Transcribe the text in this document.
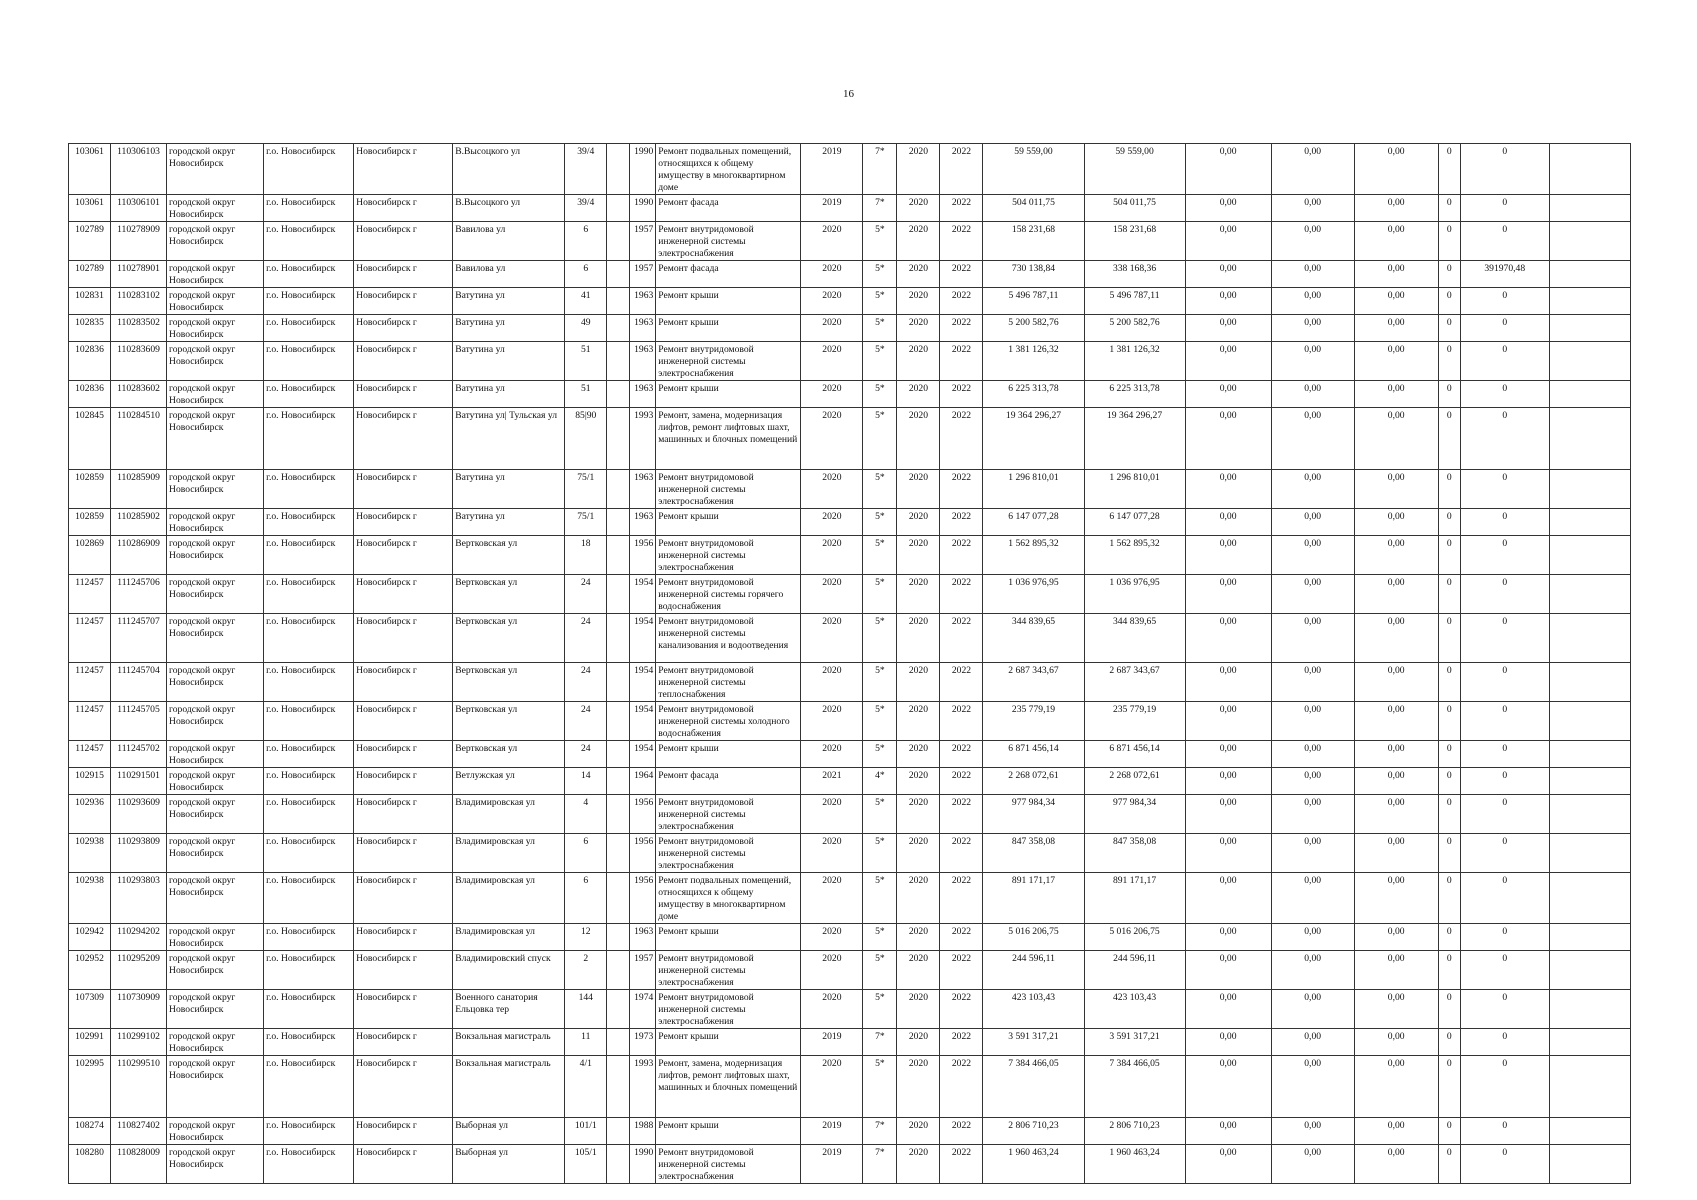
16
103061	110306103	городской округ Новосибирск	г.о. Новосибирск	Новосибирск г	В.Высоцкого ул	39/4		1990	Ремонт подвальных помещений, относящихся к общему имуществу в многоквартирном доме	2019	7*	2020	2022	59 559,00	59 559,00	0,00	0,00	0,00	0	0	
103061	110306101	городской округ Новосибирск	г.о. Новосибирск	Новосибирск г	В.Высоцкого ул	39/4		1990	Ремонт фасада	2019	7*	2020	2022	504 011,75	504 011,75	0,00	0,00	0,00	0	0	
102789	110278909	городской округ Новосибирск	г.о. Новосибирск	Новосибирск г	Вавилова ул	6		1957	Ремонт внутридомовой инженерной системы электроснабжения	2020	5*	2020	2022	158 231,68	158 231,68	0,00	0,00	0,00	0	0	
102789	110278901	городской округ Новосибирск	г.о. Новосибирск	Новосибирск г	Вавилова ул	6		1957	Ремонт фасада	2020	5*	2020	2022	730 138,84	338 168,36	0,00	0,00	0,00	0	391970,48	
102831	110283102	городской округ Новосибирск	г.о. Новосибирск	Новосибирск г	Ватутина ул	41		1963	Ремонт крыши	2020	5*	2020	2022	5 496 787,11	5 496 787,11	0,00	0,00	0,00	0	0	
102835	110283502	городской округ Новосибирск	г.о. Новосибирск	Новосибирск г	Ватутина ул	49		1963	Ремонт крыши	2020	5*	2020	2022	5 200 582,76	5 200 582,76	0,00	0,00	0,00	0	0	
102836	110283609	городской округ Новосибирск	г.о. Новосибирск	Новосибирск г	Ватутина ул	51		1963	Ремонт внутридомовой инженерной системы электроснабжения	2020	5*	2020	2022	1 381 126,32	1 381 126,32	0,00	0,00	0,00	0	0	
102836	110283602	городской округ Новосибирск	г.о. Новосибирск	Новосибирск г	Ватутина ул	51		1963	Ремонт крыши	2020	5*	2020	2022	6 225 313,78	6 225 313,78	0,00	0,00	0,00	0	0	
102845	110284510	городской округ Новосибирск	г.о. Новосибирск	Новосибирск г	Ватутина ул| Тульская ул	85|90		1993	Ремонт, замена, модернизация лифтов, ремонт лифтовых шахт, машинных и блочных помещений	2020	5*	2020	2022	19 364 296,27	19 364 296,27	0,00	0,00	0,00	0	0	
102859	110285909	городской округ Новосибирск	г.о. Новосибирск	Новосибирск г	Ватутина ул	75/1		1963	Ремонт внутридомовой инженерной системы электроснабжения	2020	5*	2020	2022	1 296 810,01	1 296 810,01	0,00	0,00	0,00	0	0	
102859	110285902	городской округ Новосибирск	г.о. Новосибирск	Новосибирск г	Ватутина ул	75/1		1963	Ремонт крыши	2020	5*	2020	2022	6 147 077,28	6 147 077,28	0,00	0,00	0,00	0	0	
102869	110286909	городской округ Новосибирск	г.о. Новосибирск	Новосибирск г	Вертковская ул	18		1956	Ремонт внутридомовой инженерной системы электроснабжения	2020	5*	2020	2022	1 562 895,32	1 562 895,32	0,00	0,00	0,00	0	0	
112457	111245706	городской округ Новосибирск	г.о. Новосибирск	Новосибирск г	Вертковская ул	24		1954	Ремонт внутридомовой инженерной системы горячего водоснабжения	2020	5*	2020	2022	1 036 976,95	1 036 976,95	0,00	0,00	0,00	0	0	
112457	111245707	городской округ Новосибирск	г.о. Новосибирск	Новосибирск г	Вертковская ул	24		1954	Ремонт внутридомовой инженерной системы канализования и водоотведения	2020	5*	2020	2022	344 839,65	344 839,65	0,00	0,00	0,00	0	0	
112457	111245704	городской округ Новосибирск	г.о. Новосибирск	Новосибирск г	Вертковская ул	24		1954	Ремонт внутридомовой инженерной системы теплоснабжения	2020	5*	2020	2022	2 687 343,67	2 687 343,67	0,00	0,00	0,00	0	0	
112457	111245705	городской округ Новосибирск	г.о. Новосибирск	Новосибирск г	Вертковская ул	24		1954	Ремонт внутридомовой инженерной системы холодного водоснабжения	2020	5*	2020	2022	235 779,19	235 779,19	0,00	0,00	0,00	0	0	
112457	111245702	городской округ Новосибирск	г.о. Новосибирск	Новосибирск г	Вертковская ул	24		1954	Ремонт крыши	2020	5*	2020	2022	6 871 456,14	6 871 456,14	0,00	0,00	0,00	0	0	
102915	110291501	городской округ Новосибирск	г.о. Новосибирск	Новосибирск г	Ветлужская ул	14		1964	Ремонт фасада	2021	4*	2020	2022	2 268 072,61	2 268 072,61	0,00	0,00	0,00	0	0	
102936	110293609	городской округ Новосибирск	г.о. Новосибирск	Новосибирск г	Владимировская ул	4		1956	Ремонт внутридомовой инженерной системы электроснабжения	2020	5*	2020	2022	977 984,34	977 984,34	0,00	0,00	0,00	0	0	
102938	110293809	городской округ Новосибирск	г.о. Новосибирск	Новосибирск г	Владимировская ул	6		1956	Ремонт внутридомовой инженерной системы электроснабжения	2020	5*	2020	2022	847 358,08	847 358,08	0,00	0,00	0,00	0	0	
102938	110293803	городской округ Новосибирск	г.о. Новосибирск	Новосибирск г	Владимировская ул	6		1956	Ремонт подвальных помещений, относящихся к общему имуществу в многоквартирном доме	2020	5*	2020	2022	891 171,17	891 171,17	0,00	0,00	0,00	0	0	
102942	110294202	городской округ Новосибирск	г.о. Новосибирск	Новосибирск г	Владимировская ул	12		1963	Ремонт крыши	2020	5*	2020	2022	5 016 206,75	5 016 206,75	0,00	0,00	0,00	0	0	
102952	110295209	городской округ Новосибирск	г.о. Новосибирск	Новосибирск г	Владимировский спуск	2		1957	Ремонт внутридомовой инженерной системы электроснабжения	2020	5*	2020	2022	244 596,11	244 596,11	0,00	0,00	0,00	0	0	
107309	110730909	городской округ Новосибирск	г.о. Новосибирск	Новосибирск г	Военного санатория Ельцовка тер	144		1974	Ремонт внутридомовой инженерной системы электроснабжения	2020	5*	2020	2022	423 103,43	423 103,43	0,00	0,00	0,00	0	0	
102991	110299102	городской округ Новосибирск	г.о. Новосибирск	Новосибирск г	Вокзальная магистраль	11		1973	Ремонт крыши	2019	7*	2020	2022	3 591 317,21	3 591 317,21	0,00	0,00	0,00	0	0	
102995	110299510	городской округ Новосибирск	г.о. Новосибирск	Новосибирск г	Вокзальная магистраль	4/1		1993	Ремонт, замена, модернизация лифтов, ремонт лифтовых шахт, машинных и блочных помещений	2020	5*	2020	2022	7 384 466,05	7 384 466,05	0,00	0,00	0,00	0	0	
108274	110827402	городской округ Новосибирск	г.о. Новосибирск	Новосибирск г	Выборная ул	101/1		1988	Ремонт крыши	2019	7*	2020	2022	2 806 710,23	2 806 710,23	0,00	0,00	0,00	0	0	
108280	110828009	городской округ Новосибирск	г.о. Новосибирск	Новосибирск г	Выборная ул	105/1		1990	Ремонт внутридомовой инженерной системы электроснабжения	2019	7*	2020	2022	1 960 463,24	1 960 463,24	0,00	0,00	0,00	0	0	
